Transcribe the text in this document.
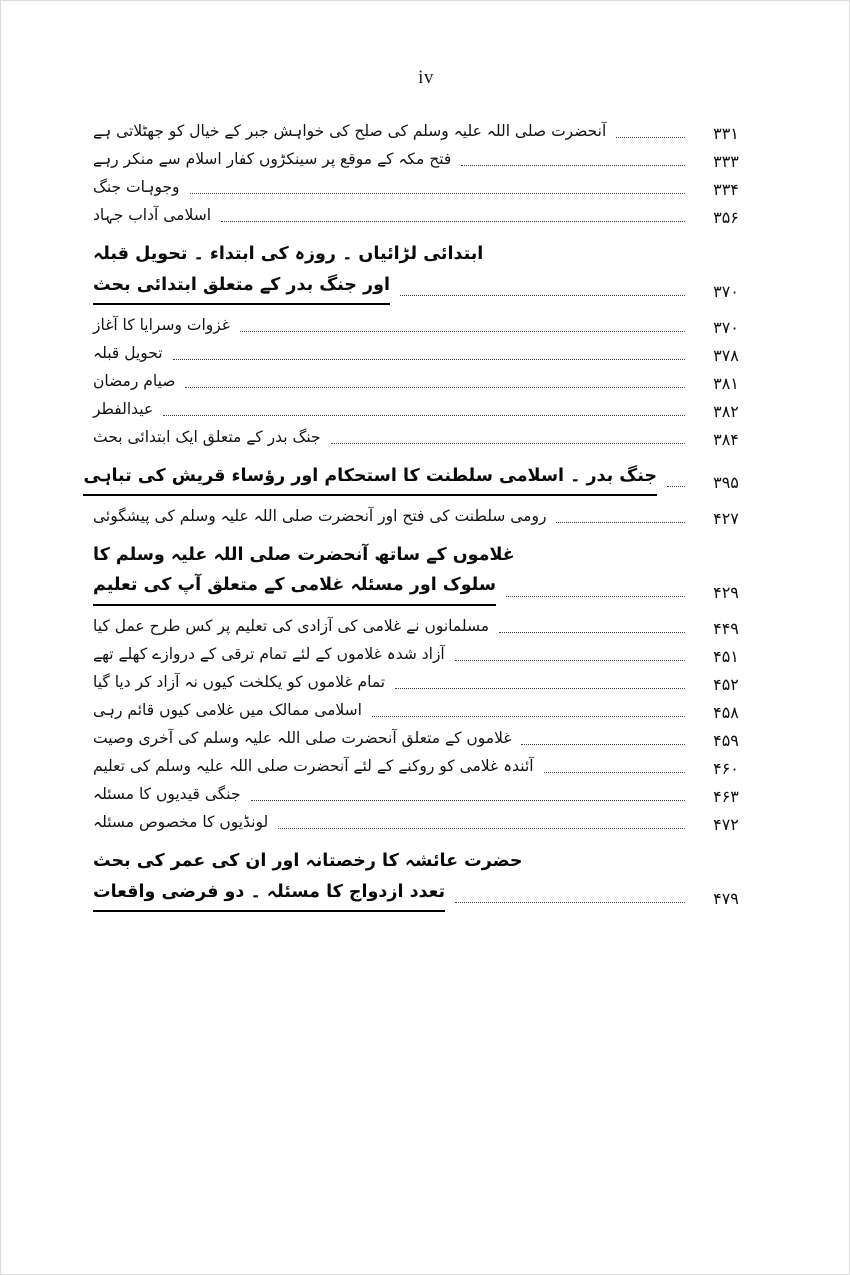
iv
۳۳۱
آنحضرت صلی اللہ علیہ وسلم کی صلح کی خواہش جبر کے خیال کو جھٹلاتی ہے
۳۳۳
فتح مکہ کے موقع پر سینکڑوں کفار اسلام سے منکر رہے
۳۳۴
وجوہات جنگ
۳۵۶
اسلامی آداب جہاد
ابتدائی لڑائیاں ۔ روزہ کی ابتداء ۔ تحویل قبلہ
۳۷۰
اور جنگ بدر کے متعلق ابتدائی بحث
۳۷۰
غزوات وسرایا کا آغاز
۳۷۸
تحویل قبلہ
۳۸۱
صیام رمضان
۳۸۲
عیدالفطر
۳۸۴
جنگ بدر کے متعلق ایک ابتدائی بحث
۳۹۵
جنگ بدر ۔ اسلامی سلطنت کا استحکام اور رؤساء قریش کی تباہی
۴۲۷
رومی سلطنت کی فتح اور آنحضرت صلی اللہ علیہ وسلم کی پیشگوئی
غلاموں کے ساتھ آنحضرت صلی اللہ علیہ وسلم کا
۴۲۹
سلوک اور مسئلہ غلامی کے متعلق آپ کی تعلیم
۴۴۹
مسلمانوں نے غلامی کی آزادی کی تعلیم پر کس طرح عمل کیا
۴۵۱
آزاد شدہ غلاموں کے لئے تمام ترقی کے دروازے کھلے تھے
۴۵۲
تمام غلاموں کو یکلخت کیوں نہ آزاد کر دیا گیا
۴۵۸
اسلامی ممالک میں غلامی کیوں قائم رہی
۴۵۹
غلاموں کے متعلق آنحضرت صلی اللہ علیہ وسلم کی آخری وصیت
۴۶۰
آئندہ غلامی کو روکنے کے لئے آنحضرت صلی اللہ علیہ وسلم کی تعلیم
۴۶۳
جنگی قیدیوں کا مسئلہ
۴۷۲
لونڈیوں کا مخصوص مسئلہ
حضرت عائشہ کا رخصتانہ اور ان کی عمر کی بحث
۴۷۹
تعدد ازدواج کا مسئلہ ۔ دو فرضی واقعات
